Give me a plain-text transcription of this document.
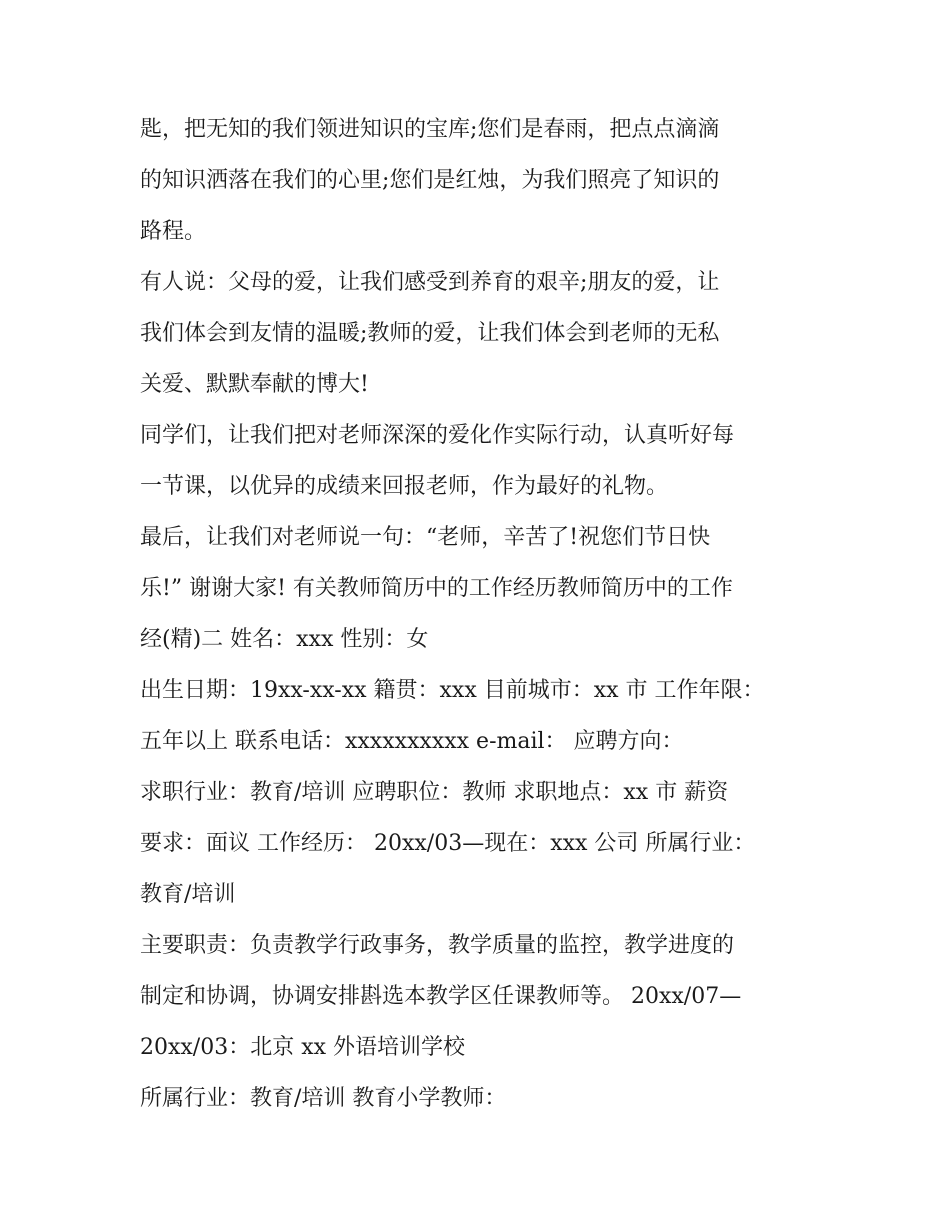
匙，把无知的我们领进知识的宝库;您们是春雨，把点点滴滴
的知识洒落在我们的心里;您们是红烛，为我们照亮了知识的
路程。
有人说：父母的爱，让我们感受到养育的艰辛;朋友的爱，让
我们体会到友情的温暖;教师的爱，让我们体会到老师的无私
关爱、默默奉献的博大!
同学们，让我们把对老师深深的爱化作实际行动，认真听好每
一节课，以优异的成绩来回报老师，作为最好的礼物。
最后，让我们对老师说一句：“老师，辛苦了!祝您们节日快
乐!” 谢谢大家! 有关教师简历中的工作经历教师简历中的工作
经(精)二 姓名：xxx 性别：女
出生日期：19xx-xx-xx 籍贯：xxx 目前城市：xx 市 工作年限：
五年以上 联系电话：xxxxxxxxxx e-mail： 应聘方向：
求职行业：教育/培训 应聘职位：教师 求职地点：xx 市 薪资
要求：面议 工作经历： 20xx/03—现在：xxx 公司 所属行业：
教育/培训
主要职责：负责教学行政事务，教学质量的监控，教学进度的
制定和协调，协调安排斟选本教学区任课教师等。 20xx/07—
20xx/03：北京 xx 外语培训学校
所属行业：教育/培训 教育小学教师：
